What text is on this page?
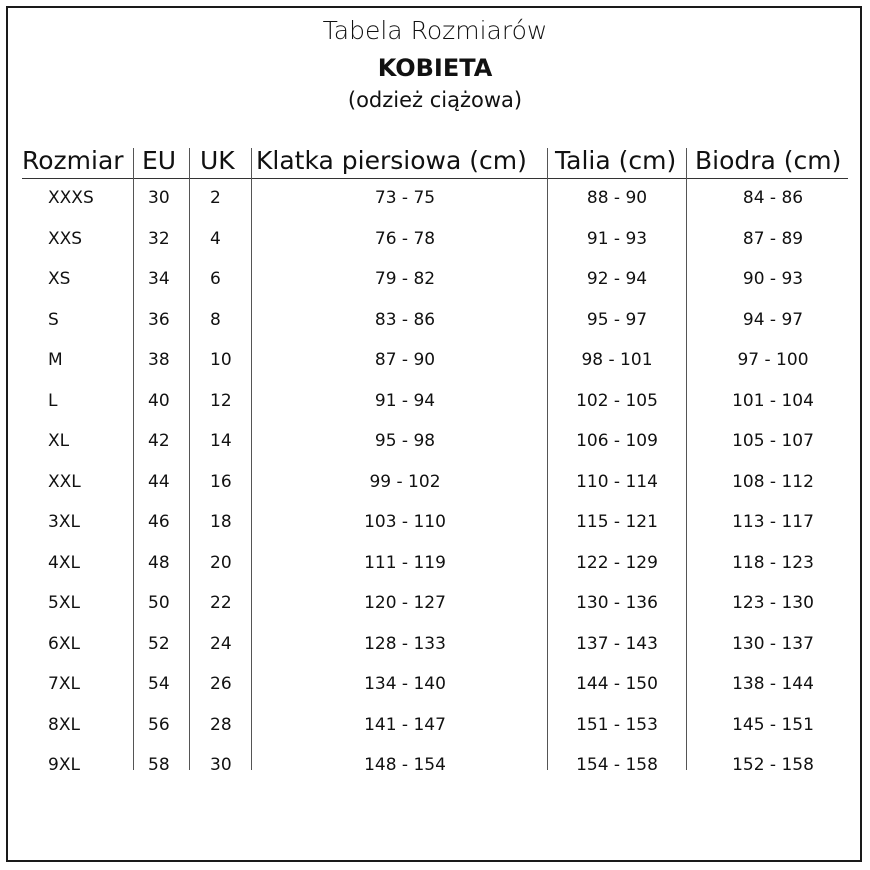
Tabela Rozmiarów
KOBIETA
(odzież ciążowa)
Rozmiar EU UK Klatka piersiowa (cm) Talia (cm) Biodra (cm)
XXXS	30 2	73 - 75	88 - 90	84 - 86
XXS	32 4	76 - 78	91 - 93	87 - 89
XS	34 6	79 - 82	92 - 94	90 - 93
S	36 8	83 - 86	95 - 97	94 - 97
M	38 10	87 - 90	98 - 101	97 - 100
L	40 12	91 - 94	102 - 105	101 - 104
XL	42 14	95 - 98	106 - 109	105 - 107
XXL	44 16	99 - 102	110 - 114	108 - 112
3XL	46 18	103 - 110	115 - 121	113 - 117
4XL	48 20	111 - 119	122 - 129	118 - 123
5XL	50 22	120 - 127	130 - 136	123 - 130
6XL	52 24	128 - 133	137 - 143	130 - 137
7XL	54 26	134 - 140	144 - 150	138 - 144
8XL	56 28	141 - 147	151 - 153	145 - 151
9XL	58 30	148 - 154	154 - 158	152 - 158
